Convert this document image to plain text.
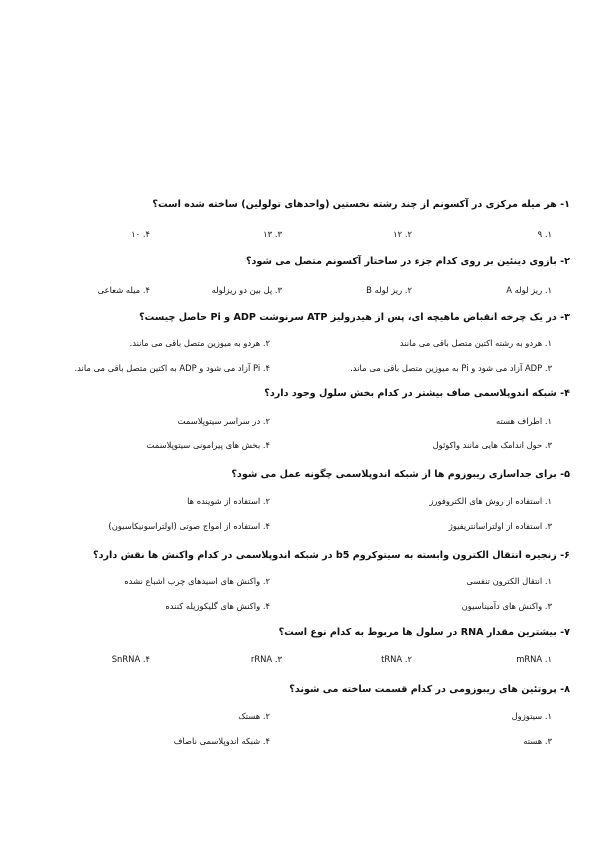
۱- هر میله مرکزی در آکسونم از چند رشته نخستین (واحدهای تولولین) ساخته شده است؟
۱. ۹
۲. ۱۲
۳. ۱۳
۴. ۱۰
۲- بازوی دینئین بر روی کدام جزء در ساختار آکسونم متصل می شود؟
۱. ریز لوله A
۲. ریز لوله B
۳. پل بین دو ریزلوله
۴. میله شعاعی
۳- در یک چرخه انقباض ماهیچه ای، پس از هیدرولیز ATP سرنوشت ADP و Pi حاصل چیست؟
۱. هردو به رشته اکتین متصل باقی می مانند
۲. هردو به میوزین متصل باقی می مانند.
۳. ADP آزاد می شود و Pi به میوزین متصل باقی می ماند.
۴. Pi آزاد می شود و ADP به اکتین متصل باقی می ماند.
۴- شبکه اندوپلاسمی صاف بیشتر در کدام بخش سلول وجود دارد؟
۱. اطراف هسته
۲. در سراسر سیتوپلاسمت
۳. حول اندامک هایی مانند واکوئول
۴. بخش های پیرامونی سیتوپلاسمت
۵- برای جداسازی ریبوزوم ها از شبکه اندوپلاسمی چگونه عمل می شود؟
۱. استفاده از روش های الکتروفورز
۲. استفاده از شوینده ها
۳. استفاده از اولتراسانتریفیوژ
۴. استفاده از امواج صوتی (اولتراسونیکاسیون)
۶- زنجیره انتقال الکترون وابسته به سیتوکروم b5 در شبکه اندوپلاسمی در کدام واکنش ها نقش دارد؟
۱. انتقال الکترون تنفسی
۲. واکنش های اسیدهای چرب اشباع نشده
۳. واکنش های دآمیناسیون
۴. واکنش های گلیکوزیله کننده
۷- بیشترین مقدار RNA در سلول ها مربوط به کدام نوع است؟
۱. mRNA
۲. tRNA
۳. rRNA
۴. SnRNA
۸- پروتئین های ریبوزومی در کدام قسمت ساخته می شوند؟
۱. سیتوزول
۲. هستک
۳. هسته
۴. شبکه اندوپلاسمی ناصاف
